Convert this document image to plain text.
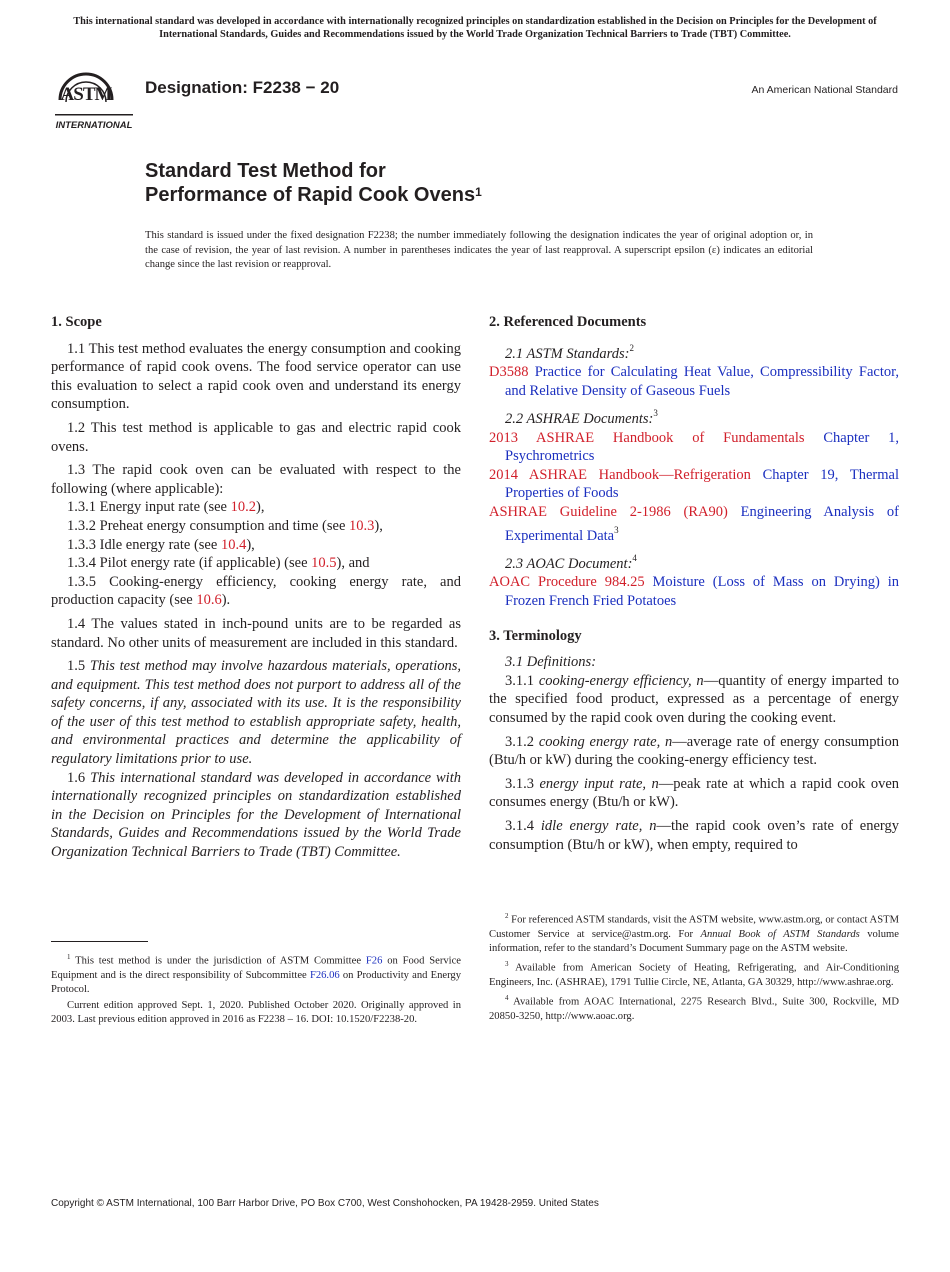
This international standard was developed in accordance with internationally recognized principles on standardization established in the Decision on Principles for the Development of International Standards, Guides and Recommendations issued by the World Trade Organization Technical Barriers to Trade (TBT) Committee.
ASTM
INTERNATIONAL
Designation: F2238 − 20	An American National Standard
Standard Test Method for
Performance of Rapid Cook Ovens$^1$
This standard is issued under the fixed designation F2238; the number immediately following the designation indicates the year of original adoption or, in the case of revision, the year of last revision. A number in parentheses indicates the year of last reapproval. A superscript epsilon (ε) indicates an editorial change since the last revision or reapproval.
1. Scope

1.1 This test method evaluates the energy consumption and cooking performance of rapid cook ovens. The food service operator can use this evaluation to select a rapid cook oven and understand its energy consumption.

1.2 This test method is applicable to gas and electric rapid cook ovens.

1.3 The rapid cook oven can be evaluated with respect to the following (where applicable):

1.3.1 Energy input rate (see 10.2),

1.3.2 Preheat energy consumption and time (see 10.3),

1.3.3 Idle energy rate (see 10.4),

1.3.4 Pilot energy rate (if applicable) (see 10.5), and

1.3.5 Cooking-energy efficiency, cooking energy rate, and production capacity (see 10.6).

1.4 The values stated in inch-pound units are to be regarded as standard. No other units of measurement are included in this standard.

1.5 This test method may involve hazardous materials, operations, and equipment. This test method does not purport to address all of the safety concerns, if any, associated with its use. It is the responsibility of the user of this test method to establish appropriate safety, health, and environmental practices and determine the applicability of regulatory limitations prior to use.

1.6 This international standard was developed in accordance with internationally recognized principles on standardization established in the Decision on Principles for the Development of International Standards, Guides and Recommendations issued by the World Trade Organization Technical Barriers to Trade (TBT) Committee.

$^1$ This test method is under the jurisdiction of ASTM Committee F26 on Food Service Equipment and is the direct responsibility of Subcommittee F26.06 on Productivity and Energy Protocol.

Current edition approved Sept. 1, 2020. Published October 2020. Originally approved in 2003. Last previous edition approved in 2016 as F2238 – 16. DOI: 10.1520/F2238-20.

2. Referenced Documents

2.1 ASTM Standards:$^2$

D3588 Practice for Calculating Heat Value, Compressibility Factor, and Relative Density of Gaseous Fuels

2.2 ASHRAE Documents:$^3$

2013 ASHRAE Handbook of Fundamentals Chapter 1, Psychrometrics

2014 ASHRAE Handbook—Refrigeration Chapter 19, Thermal Properties of Foods

ASHRAE Guideline 2-1986 (RA90) Engineering Analysis of Experimental Data$^3$

2.3 AOAC Document:$^4$

AOAC Procedure 984.25 Moisture (Loss of Mass on Drying) in Frozen French Fried Potatoes

3. Terminology

3.1 Definitions:

3.1.1 cooking-energy efficiency, n—quantity of energy imparted to the specified food product, expressed as a percentage of energy consumed by the rapid cook oven during the cooking event.

3.1.2 cooking energy rate, n—average rate of energy consumption (Btu/h or kW) during the cooking-energy efficiency test.

3.1.3 energy input rate, n—peak rate at which a rapid cook oven consumes energy (Btu/h or kW).

3.1.4 idle energy rate, n—the rapid cook oven’s rate of energy consumption (Btu/h or kW), when empty, required to

$^2$ For referenced ASTM standards, visit the ASTM website, www.astm.org, or contact ASTM Customer Service at service@astm.org. For Annual Book of ASTM Standards volume information, refer to the standard’s Document Summary page on the ASTM website.

$^3$ Available from American Society of Heating, Refrigerating, and Air-Conditioning Engineers, Inc. (ASHRAE), 1791 Tullie Circle, NE, Atlanta, GA 30329, http://www.ashrae.org.

$^4$ Available from AOAC International, 2275 Research Blvd., Suite 300, Rockville, MD 20850-3250, http://www.aoac.org.

Copyright © ASTM International, 100 Barr Harbor Drive, PO Box C700, West Conshohocken, PA 19428-2959. United States
